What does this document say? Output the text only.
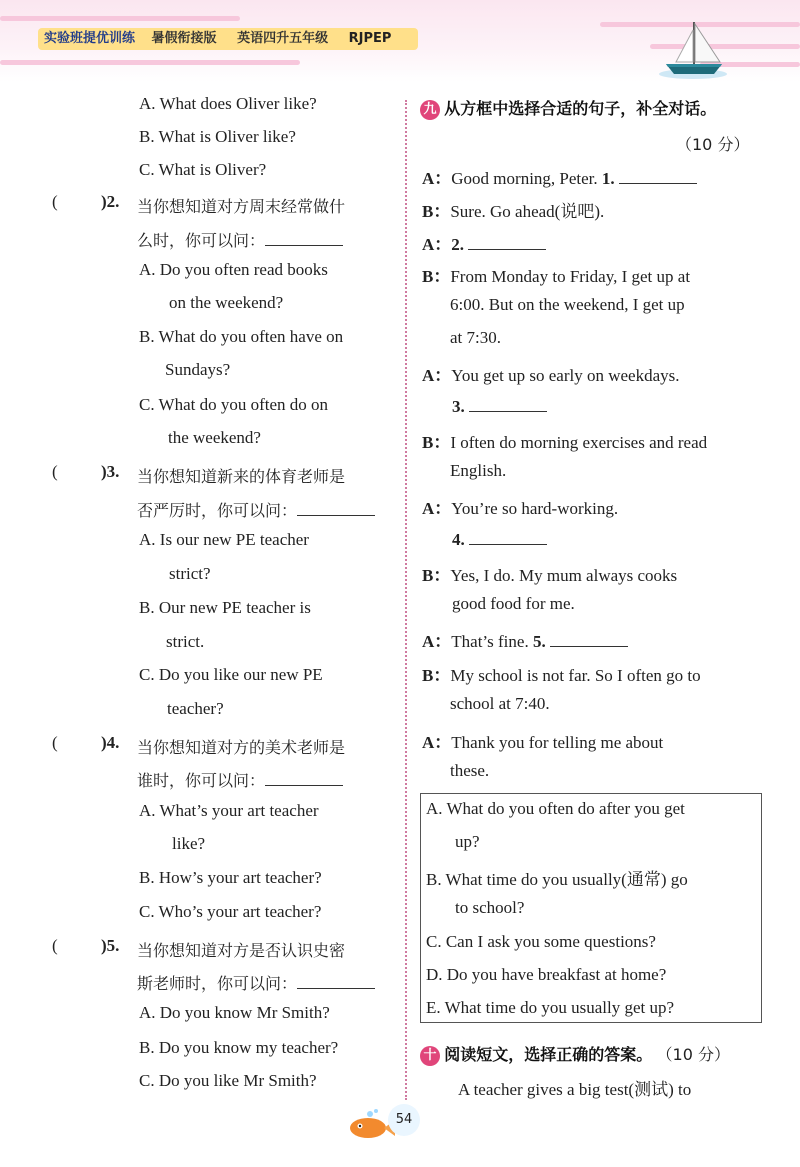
实验班提优训练 暑假衔接版 英语四升五年级 RJPEP
A. What does Oliver like?
B. What is Oliver like?
C. What is Oliver?
(	)2. 当你想知道对方周末经常做什
么时，你可以问：
A. Do you often read books
on the weekend?
B. What do you often have on
Sundays?
C. What do you often do on
the weekend?
(	)3. 当你想知道新来的体育老师是
否严厉时，你可以问：
A. Is our new PE teacher
strict?
B. Our new PE teacher is
strict.
C. Do you like our new PE
teacher?
(	)4. 当你想知道对方的美术老师是
谁时，你可以问：
A. What’s your art teacher
like?
B. How’s your art teacher?
C. Who’s your art teacher?
(	)5. 当你想知道对方是否认识史密
斯老师时，你可以问：
A. Do you know Mr Smith?
B. Do you know my teacher?
C. Do you like Mr Smith?
九 从方框中选择合适的句子，补全对话。
（10 分）
A：Good morning, Peter. 1.
B：Sure. Go ahead(说吧).
A：2.
B：From Monday to Friday, I get up at
6:00. But on the weekend, I get up
at 7:30.
A：You get up so early on weekdays.
3.
B：I often do morning exercises and read
English.
A：You’re so hard-working.
4.
B：Yes, I do. My mum always cooks
good food for me.
A：That’s fine. 5.
B：My school is not far. So I often go to
school at 7:40.
A：Thank you for telling me about
these.
A. What do you often do after you get
up?
B. What time do you usually(通常) go
to school?
C. Can I ask you some questions?
D. Do you have breakfast at home?
E. What time do you usually get up?
十 阅读短文，选择正确的答案。 （10 分）
A teacher gives a big test(测试) to
54
